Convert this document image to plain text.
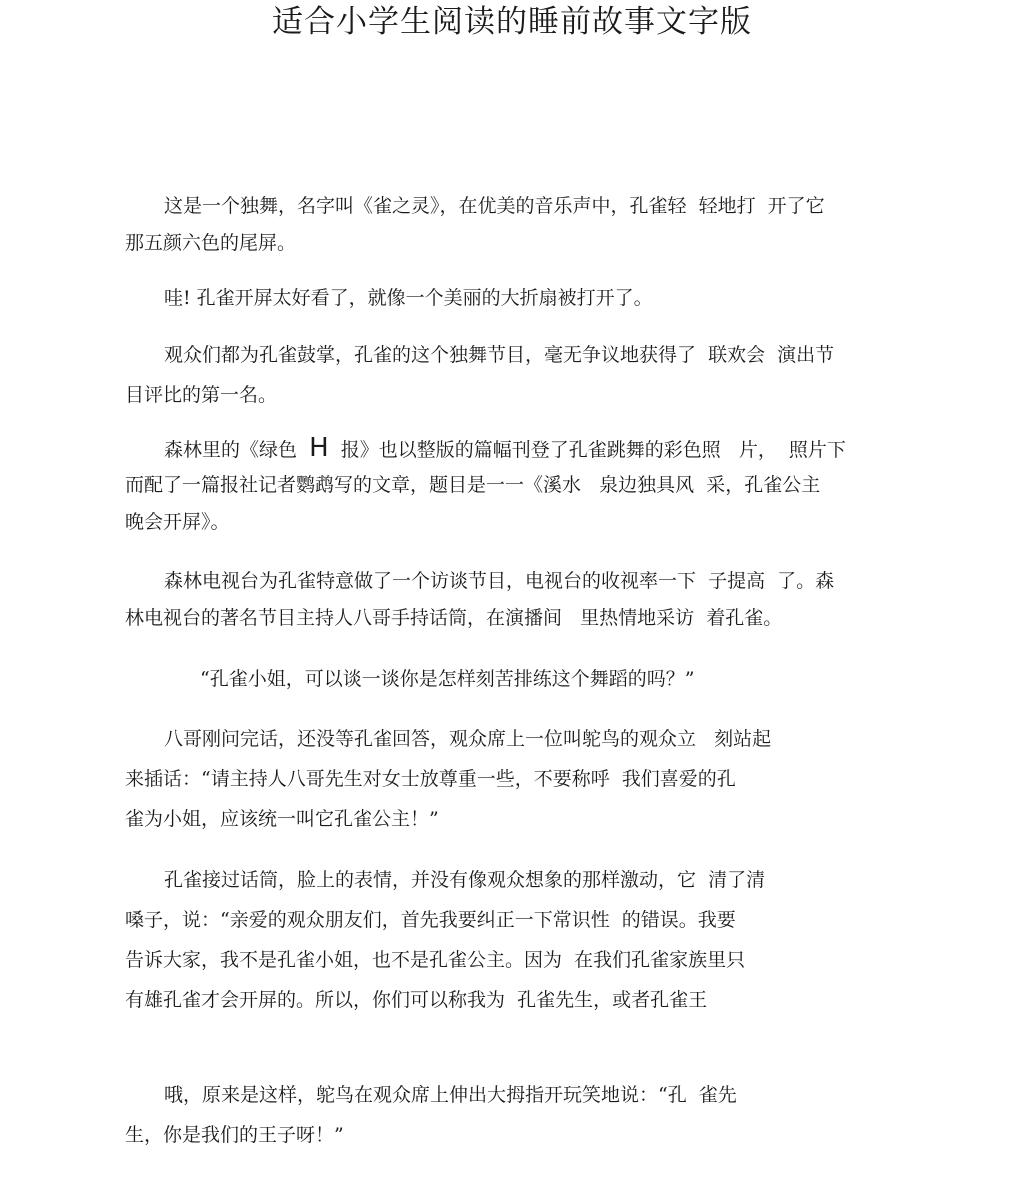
适合小学生阅读的睡前故事文字版
这是一个独舞，名字叫《雀之灵》，在优美的音乐声中，孔雀轻  轻地打  开了它
那五颜六色的尾屏。
哇! 孔雀开屏太好看了，就像一个美丽的大折扇被打开了。
观众们都为孔雀鼓掌，孔雀的这个独舞节目，毫无争议地获得了  联欢会  演出节
目评比的第一名。
森林里的《绿色  H  报》也以整版的篇幅刊登了孔雀跳舞的彩色照   片，  照片下
而配了一篇报社记者鹦鹉写的文章，题目是一一《溪水   泉边独具风  采，孔雀公主
晚会开屏》。
森林电视台为孔雀特意做了一个访谈节目，电视台的收视率一下  子提高  了。森
林电视台的著名节目主持人八哥手持话筒，在演播间   里热情地采访  着孔雀。
“孔雀小姐，可以谈一谈你是怎样刻苦排练这个舞蹈的吗？”
八哥刚问完话，还没等孔雀回答，观众席上一位叫鸵鸟的观众立   刻站起
来插话：“请主持人八哥先生对女士放尊重一些，不要称呼  我们喜爱的孔
雀为小姐，应该统一叫它孔雀公主！”
孔雀接过话筒，脸上的表情，并没有像观众想象的那样激动，它  清了清
嗓子，说：“亲爱的观众朋友们，首先我要纠正一下常识性  的错误。我要
告诉大家，我不是孔雀小姐，也不是孔雀公主。因为  在我们孔雀家族里只
有雄孔雀才会开屏的。所以，你们可以称我为  孔雀先生，或者孔雀王
哦，原来是这样，鸵鸟在观众席上伸出大拇指开玩笑地说：“孔  雀先
生，你是我们的王子呀！”
